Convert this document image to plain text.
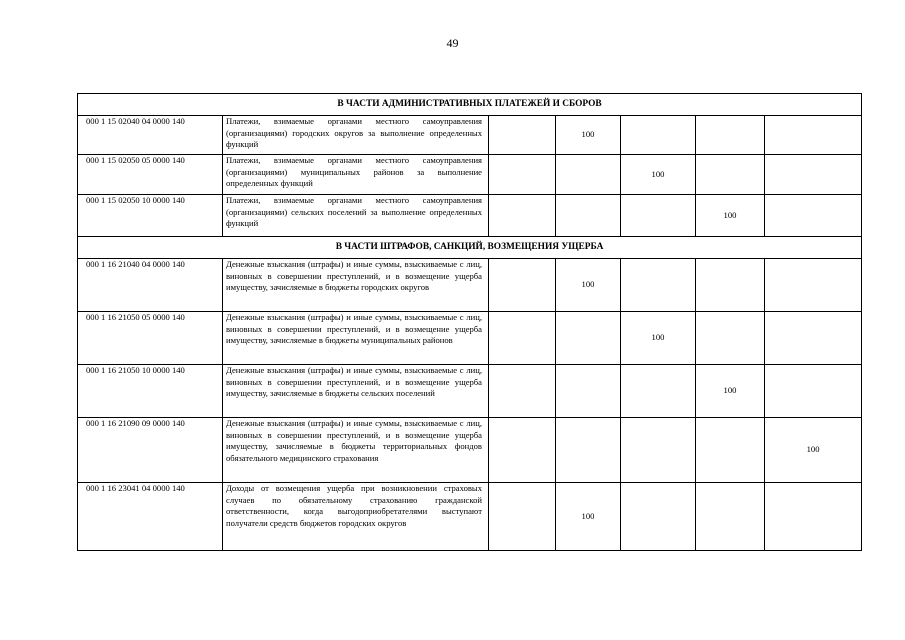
49
В ЧАСТИ АДМИНИСТРАТИВНЫХ ПЛАТЕЖЕЙ И СБОРОВ						
000 1 15 02040 04 0000 140	Платежи, взимаемые органами местного самоуправления (организациями) городских округов за выполнение определенных функций		100			
000 1 15 02050 05 0000 140	Платежи, взимаемые органами местного самоуправления (организациями) муниципальных районов за выполнение определенных функций			100		
000 1 15 02050 10 0000 140	Платежи, взимаемые органами местного самоуправления (организациями) сельских поселений за выполнение определенных функций				100	
В ЧАСТИ ШТРАФОВ, САНКЦИЙ, ВОЗМЕЩЕНИЯ УЩЕРБА						
000 1 16 21040 04 0000 140	Денежные взыскания (штрафы) и иные суммы, взыскиваемые с лиц, виновных в совершении преступлений, и в возмещение ущерба имуществу, зачисляемые в бюджеты городских округов		100			
000 1 16 21050 05 0000 140	Денежные взыскания (штрафы) и иные суммы, взыскиваемые с лиц, виновных в совершении преступлений, и в возмещение ущерба имуществу, зачисляемые в бюджеты муниципальных районов			100		
000 1 16 21050 10 0000 140	Денежные взыскания (штрафы) и иные суммы, взыскиваемые с лиц, виновных в совершении преступлений, и в возмещение ущерба имуществу, зачисляемые в бюджеты сельских поселений				100	
000 1 16 21090 09 0000 140	Денежные взыскания (штрафы) и иные суммы, взыскиваемые с лиц, виновных в совершении преступлений, и в возмещение ущерба имуществу, зачисляемые в бюджеты территориальных фондов обязательного медицинского страхования					100
000 1 16 23041 04 0000 140	Доходы от возмещения ущерба при возникновении страховых случаев по обязательному страхованию гражданской ответственности, когда выгодоприобретателями выступают получатели средств бюджетов городских округов		100			
